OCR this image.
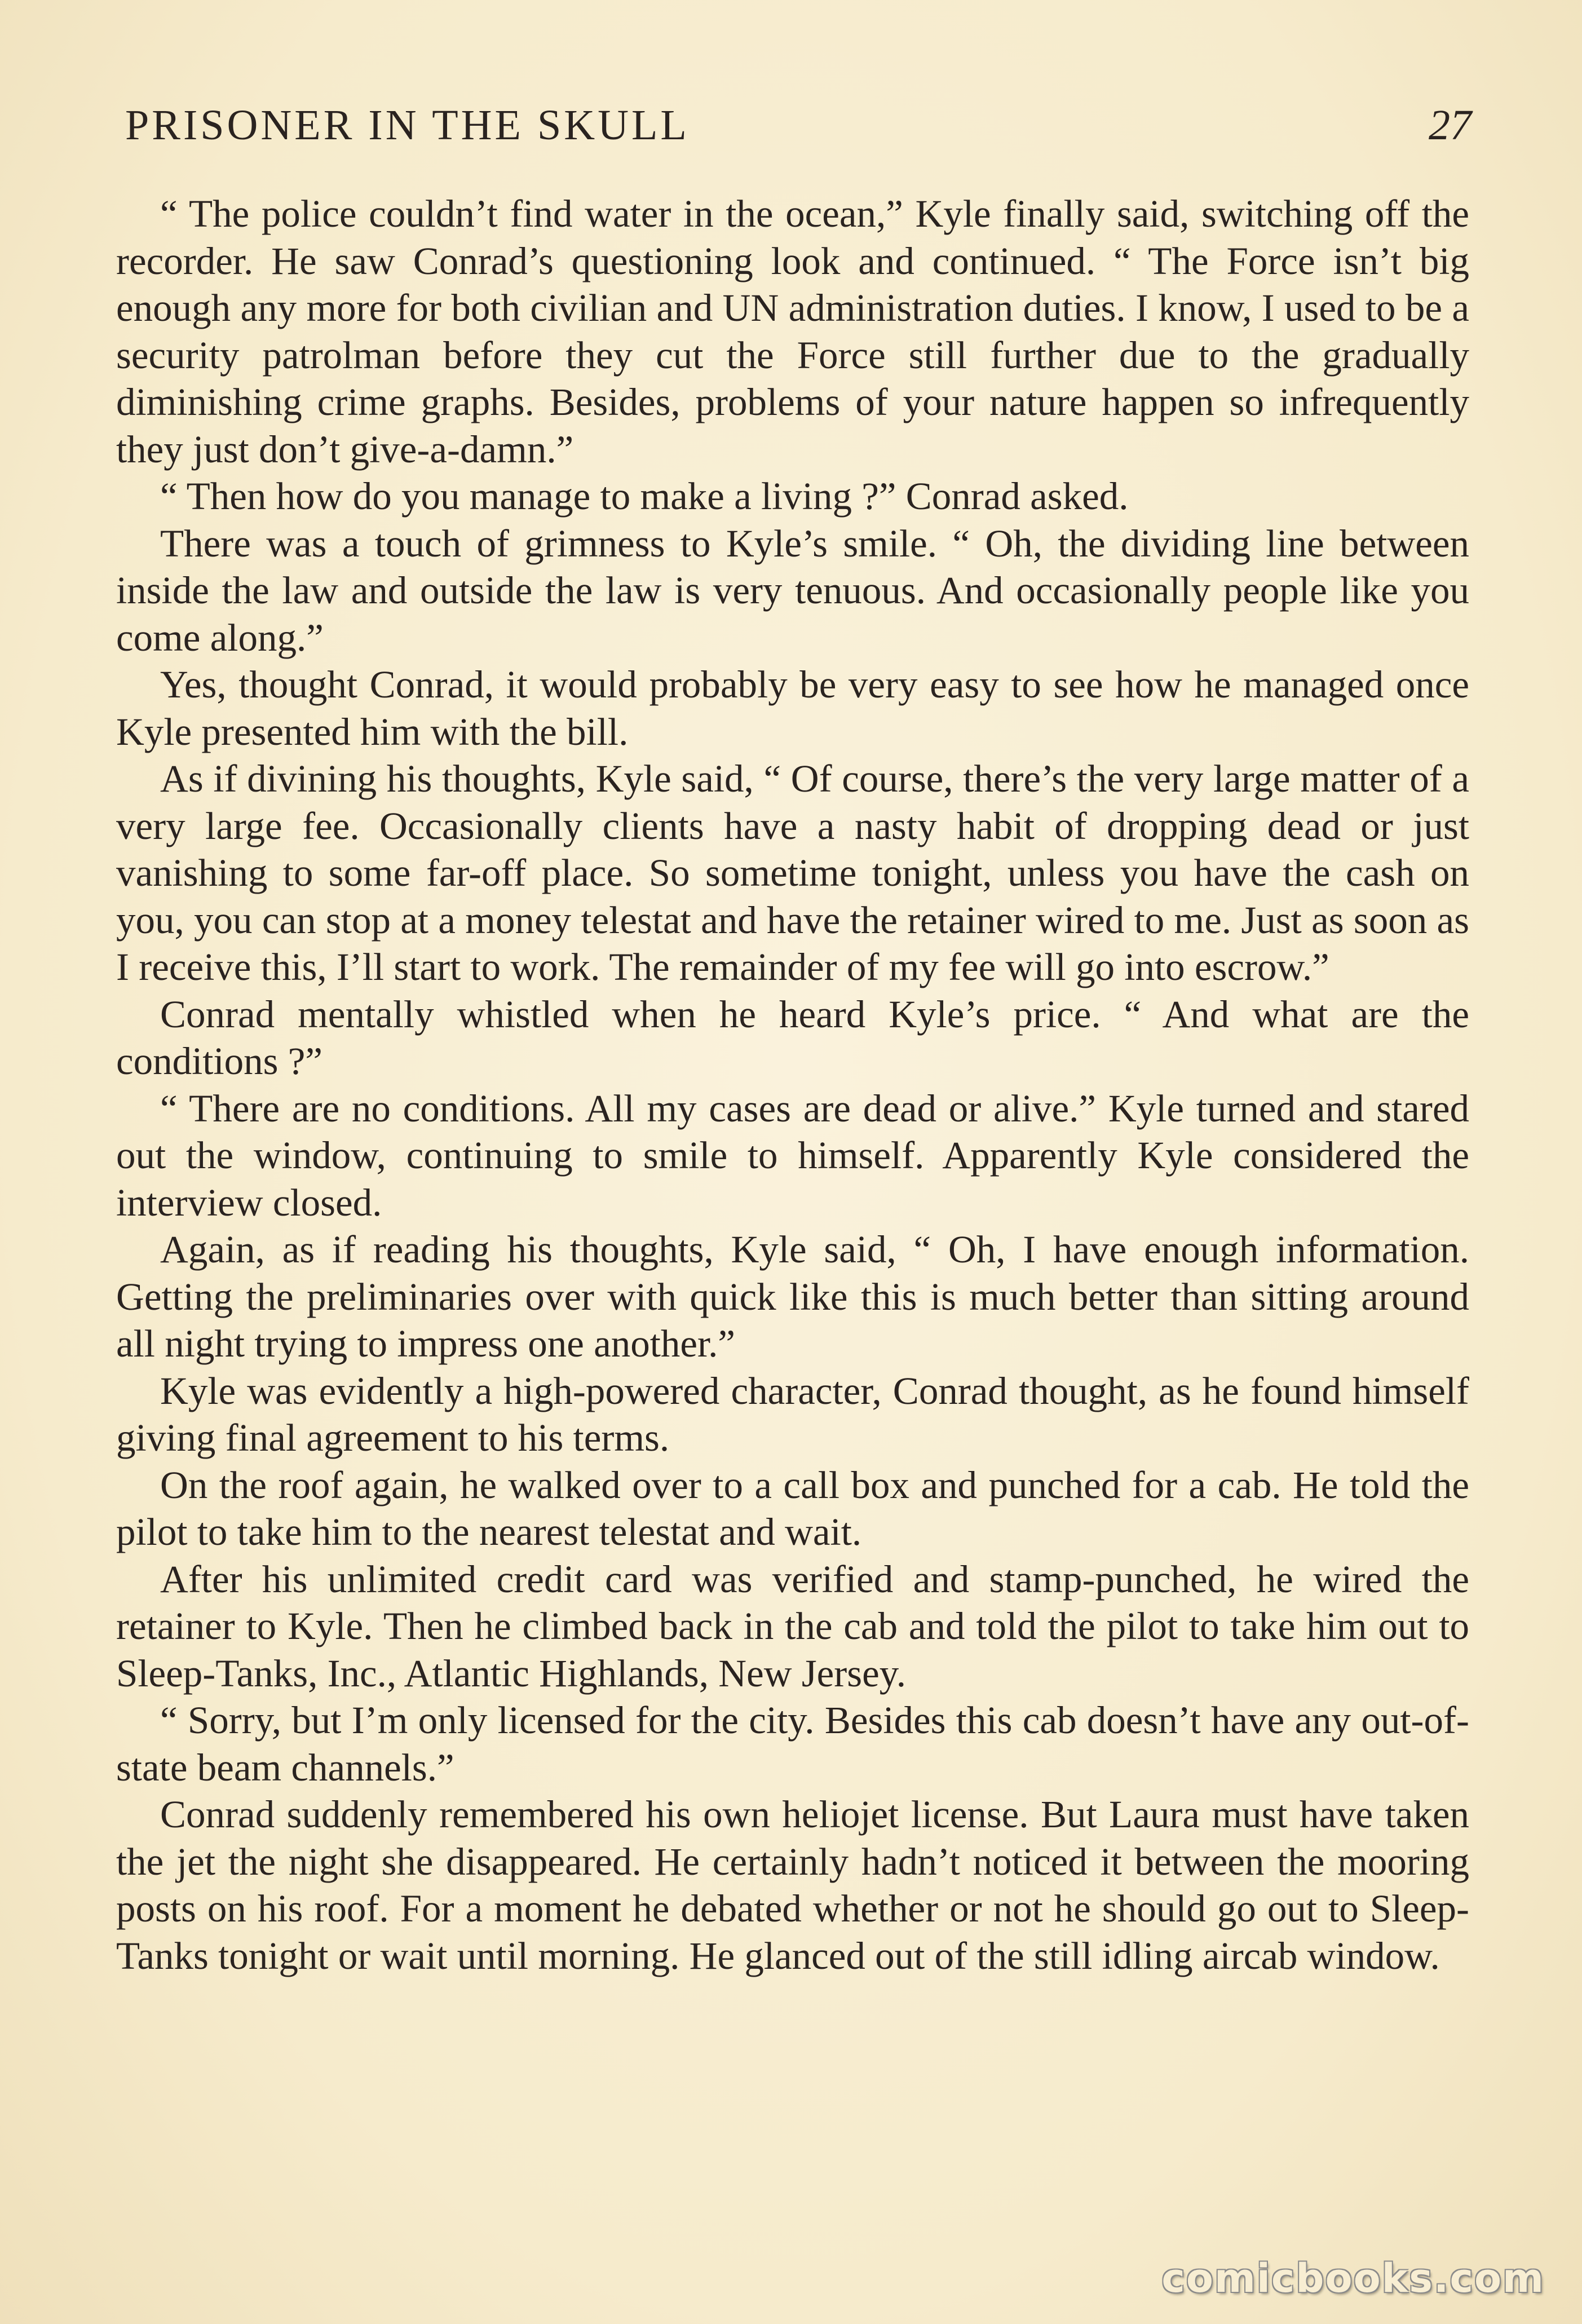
PRISONER IN THE SKULL	27

“ The police couldn’t find water in the ocean,” Kyle finally said, switching off the recorder. He saw Conrad’s questioning look and continued. “ The Force isn’t big enough any more for both civilian and UN administration duties. I know, I used to be a security patrolman before they cut the Force still further due to the gradually diminishing crime graphs. Besides, problems of your nature happen so infrequently they just don’t give-a-damn.”

“ Then how do you manage to make a living ?” Conrad asked.

There was a touch of grimness to Kyle’s smile. “ Oh, the dividing line between inside the law and outside the law is very tenuous. And occasionally people like you come along.”

Yes, thought Conrad, it would probably be very easy to see how he managed once Kyle presented him with the bill.

As if divining his thoughts, Kyle said, “ Of course, there’s the very large matter of a very large fee. Occasionally clients have a nasty habit of dropping dead or just vanishing to some far-off place. So sometime tonight, unless you have the cash on you, you can stop at a money telestat and have the retainer wired to me. Just as soon as I receive this, I’ll start to work. The remainder of my fee will go into escrow.”

Conrad mentally whistled when he heard Kyle’s price. “ And what are the conditions ?”

“ There are no conditions. All my cases are dead or alive.” Kyle turned and stared out the window, continuing to smile to himself. Apparently Kyle considered the interview closed.

Again, as if reading his thoughts, Kyle said, “ Oh, I have enough information. Getting the preliminaries over with quick like this is much better than sitting around all night trying to impress one another.”

Kyle was evidently a high-powered character, Conrad thought, as he found himself giving final agreement to his terms.

On the roof again, he walked over to a call box and punched for a cab. He told the pilot to take him to the nearest telestat and wait.

After his unlimited credit card was verified and stamp-punched, he wired the retainer to Kyle. Then he climbed back in the cab and told the pilot to take him out to Sleep-Tanks, Inc., Atlantic Highlands, New Jersey.

“ Sorry, but I’m only licensed for the city. Besides this cab doesn’t have any out-of-state beam channels.”

Conrad suddenly remembered his own heliojet license. But Laura must have taken the jet the night she disappeared. He certainly hadn’t noticed it between the mooring posts on his roof. For a moment he debated whether or not he should go out to Sleep-Tanks tonight or wait until morning. He glanced out of the still idling aircab window.

comicbooks.com
